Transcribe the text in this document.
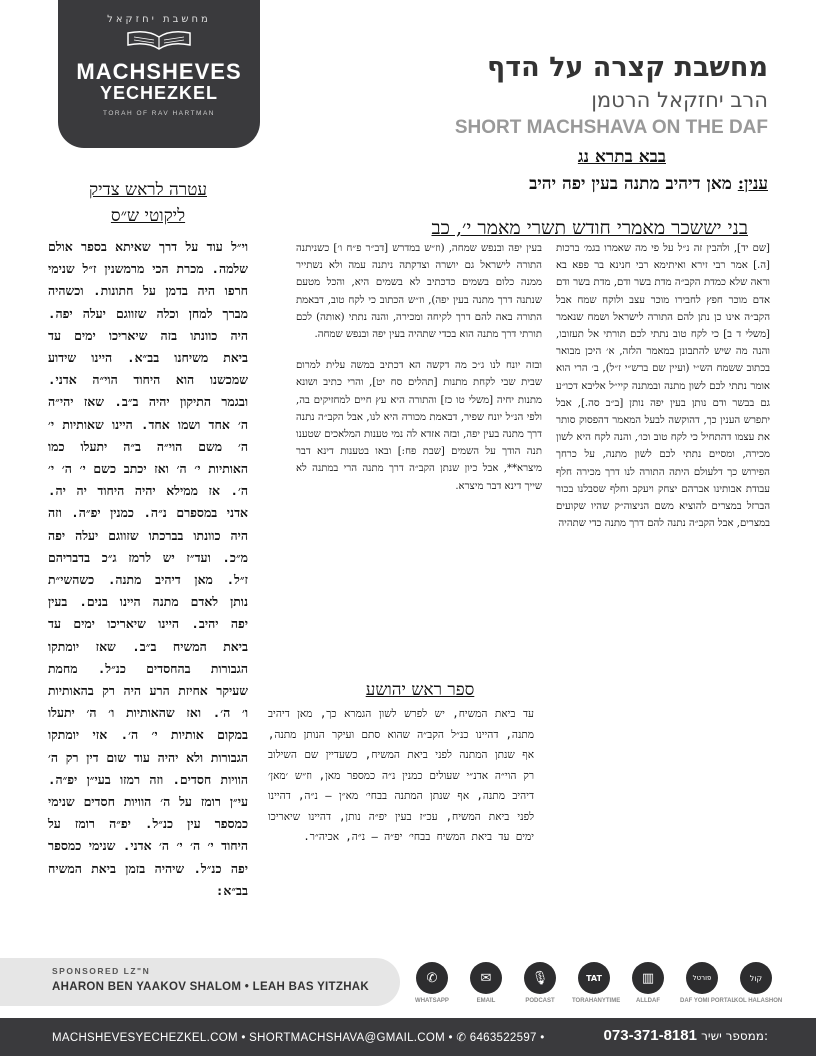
מחשבת יחזקאל
MACHSHEVES
YECHEZKEL
TORAH OF RAV HARTMAN
מחשבת קצרה על הדף
הרב יחזקאל הרטמן
SHORT MACHSHAVA ON THE DAF
בבא בתרא נג
ענין: מאן דיהיב מתנה בעין יפה יהיב
בני יששכר מאמרי חודש תשרי מאמר י׳, כב

[שם יד], ולהבין זה נ״ל על פי מה שאמרו בגמ׳ ברכות [ה.] אמר רבי זירא ואיתימא רבי חנינא בר פפא בא וראה שלא כמדת הקב״ה מדת בשר ודם, מדת בשר ודם אדם מוכר חפץ לחבירו מוכר עצב ולוקח שמח אבל הקב״ה אינו כן נתן להם התורה לישראל ושמח שנאמר [משלי ד ב] כי לקח טוב נתתי לכם תורתי אל תעזובו, והנה מה שיש להתבונן במאמר הלזה, א׳ היכן מבואר בכתוב ששמח הש״י (ועיין שם ברש״י ז״ל), ב׳ הרי הוא אומר נתתי לכם לשון מתנה ובמתנה קיי״ל אליבא דכו״ע גם בבשר ודם נותן בעין יפה נותן [ב״ב סה.], אבל יתפרש הענין כך, דהוקשה לבעל המאמר דהפסוק סותר את עצמו דהתחיל כי לקח טוב וכו׳, והנה לקח היא לשון מכירה, ומסיים נתתי לכם לשון מתנה, על כרחך הפירוש כך דלעולם היתה התורה לנו דרך מכירה חלף עבודת אבותינו אברהם יצחק ויעקב וחלף שסבלנו בכור הברזל במצרים להוציא משם הניצוה״ק שהיו שקועים במצרים, אבל הקב״ה נתנה להם דרך מתנה כדי שתהיה

בעין יפה ובנפש שמחה, (וז״ש במדרש [דב״ר פ״ח ו׳] כשניתנה התורה לישראל גם יושרה וצדקתה ניתנה עמה ולא נשתייר ממנה כלום בשמים כדכתיב לא בשמים היא, והכל מטעם שנתנה דרך מתנה בעין יפה), וז״ש הכתוב כי לקח טוב, דבאמת התורה באה להם דרך לקיחה ומכירה, והנה נתתי (אותה) לכם תורתי דרך מתנה הוא בכדי שתהיה בעין יפה ובנפש שמחה.

ובזה יונח לנו ג״כ מה דקשה הא דכתיב במשה עלית למרום שבית שבי לקחת מתנות [תהלים סח יט], והרי כתיב ושונא מתנות יחיה [משלי טו כז] והתורה היא עץ חיים למחזיקים בה, ולפי הנ״ל יונח שפיר, דבאמת מכורה היא לנו, אבל הקב״ה נתנה דרך מתנה בעין יפה, ובזה אזדא לה נמי טענות המלאכים שטענו תנה הודך על השמים [שבת פח:] ובאו בטענות דינא דבר מיצרא**, אבל כיון שנתן הקב״ה דרך מתנה הרי במתנה לא שייך דינא דבר מיצרא.

ספר ראש יהושע

עד ביאת המשיח, יש לפרש לשון הגמרא כך, מאן דיהיב מתנה, דהיינו כנ״ל הקב״ה שהוא סתם ועיקר הנותן מתנה, אף שנתן המתנה לפני ביאת המשיח, כשעדיין שם השילוב רק הוי״ה אדנ״י שעולים כמנין נ״ה כמספר מאן, וז״ש ׳מאן׳ דיהיב מתנה, אף שנתן המתנה בבחי׳ מא״ן — נ״ה, דהיינו לפני ביאת המשיח, עכ״ז בעין יפ״ה נותן, דהיינו שיאריכו ימים עד ביאת המשיח בבחי׳ יפ״ה — נ״ה, אכיה״ר.

עטרה לראש צדיק
ליקוטי ש״ס

וי״ל עוד על דרך שאיתא בספר אולם שלמה. מכרת הכי מרמשנין ז״ל שנימי חרפו היה בדמן על חתונות. וכשהיה מברך למחן וכלה שזווגם יעלה יפה. היה כוונתו בזה שיאריכו ימים עד ביאת משיחנו בב״א. היינו שידוע שמכשנו הוא היחוד הוי״ה אדני. ובגמר התיקון יהיה ב״ב. שאז יהי״ה ה׳ אחד ושמו אחד. היינו שאותיות י׳ ה׳ משם הוי״ה ב״ה יתעלו כמו האותיות י׳ ה׳ ואז יכתב כשם י׳ ה׳ י׳ ה׳. אז ממילא יהיה היחוד יה יה. אדני במספרם נ״ה. כמנין יפ״ה. וזה היה כוונתו בברכתו שזווגם יעלה יפה מ״כ. ועד״ז יש לרמז ג״כ בדבריהם ז״ל. מאן דיהיב מתנה. כשהשי״ת נותן לאדם מתנה היינו בנים. בעין יפה יהיב. היינו שיאריכו ימים עד ביאת המשיח ב״ב. שאז יומתקו הגבורות בהחסדים כנ״ל. מחמת שעיקר אחיזת הרע היה רק בהאותיות ו׳ ה׳. ואז שהאותיות ו׳ ה׳ יתעלו במקום אותיות י׳ ה׳. אזי יומתקו הגבורות ולא יהיה עוד שום דין רק ה׳ הוויות חסדים. וזה רמזו בעי״ן יפ״ה. עי״ן רומז על ה׳ הוויות חסדים שנימי כמספר עין כנ״ל. יפ״ה רומז על היחוד י׳ ה׳ י׳ ה׳ אדני. שנימי כמספר יפה כנ״ל. שיהיה בזמן ביאת המשיח בב״א:

SPONSORED LZ"N
AHARON BEN YAAKOV SHALOM • LEAH BAS YITZHAK
✆
WHATSAPP
✉
EMAIL
🎙
PODCAST
TAT
TORAHANYTIME
▥
ALLDAF
פורטל
DAF YOMI PORTAL
קול
KOL HALASHON
MACHSHEVESYECHEZKEL.COM • SHORTMACHSHAVA@GMAIL.COM • ✆ 6463522597 •	073-371-8181 ממספר ישיר:
